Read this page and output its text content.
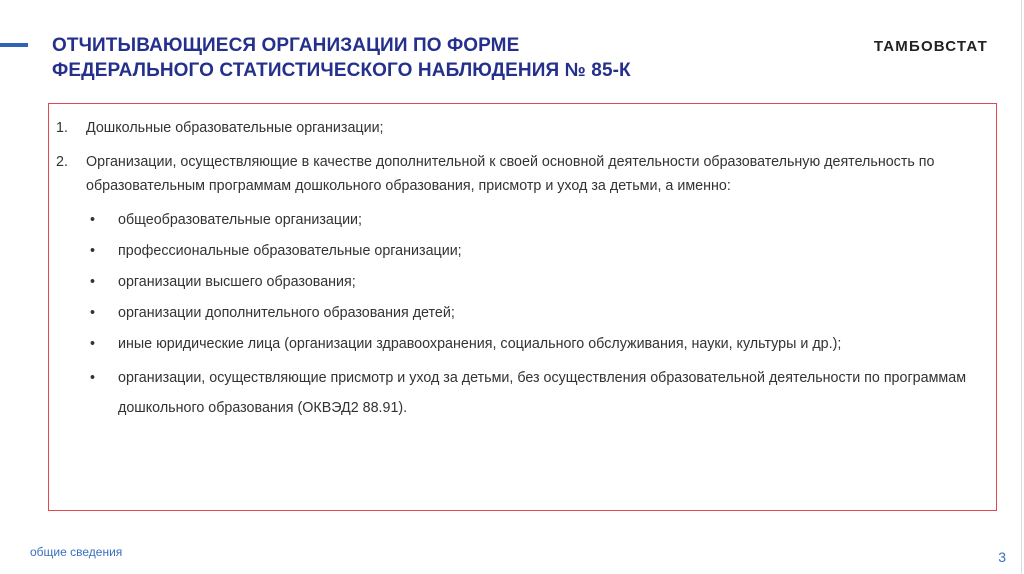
ОТЧИТЫВАЮЩИЕСЯ ОРГАНИЗАЦИИ ПО ФОРМЕ
ФЕДЕРАЛЬНОГО СТАТИСТИЧЕСКОГО НАБЛЮДЕНИЯ № 85-К
ТАМБОВСТАТ
1. Дошкольные образовательные организации;
2. Организации, осуществляющие в качестве дополнительной к своей основной деятельности образовательную деятельность по образовательным программам дошкольного образования, присмотр и уход за детьми, а именно:
• общеобразовательные организации;
• профессиональные образовательные организации;
• организации высшего образования;
• организации дополнительного образования детей;
• иные юридические лица (организации здравоохранения, социального обслуживания, науки, культуры и др.);
• организации, осуществляющие присмотр и уход за детьми, без осуществления образовательной деятельности по программам дошкольного образования (ОКВЭД2 88.91).
общие сведения	3
